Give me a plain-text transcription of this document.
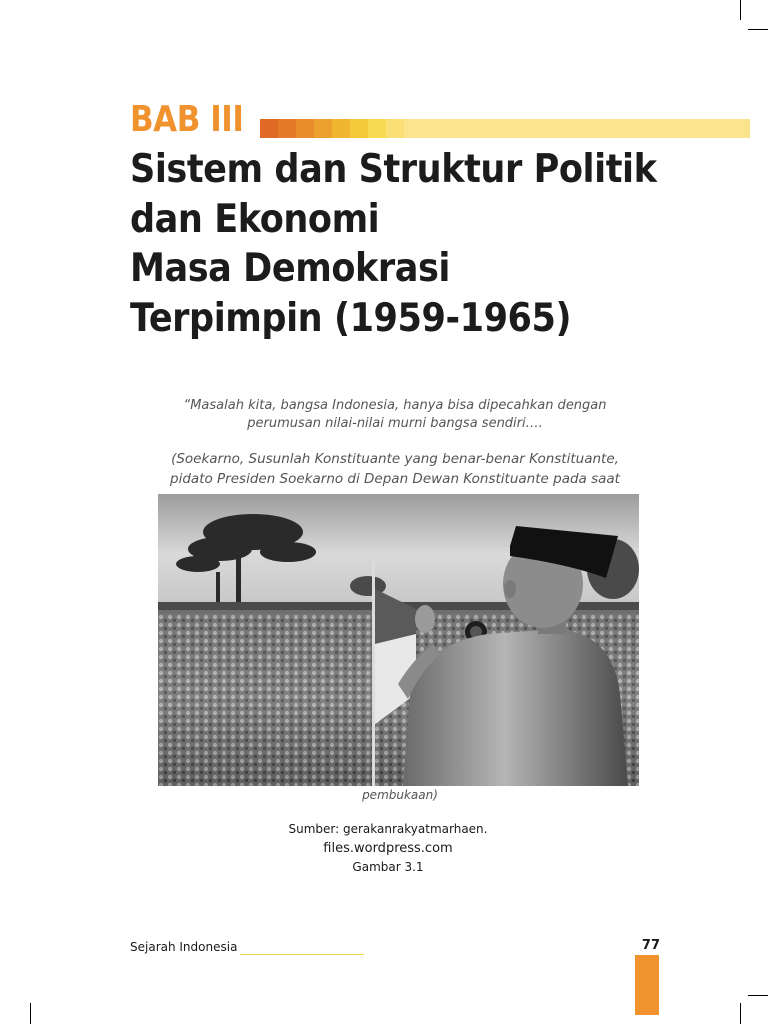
BAB III
Sistem dan Struktur Politik
dan Ekonomi
Masa Demokrasi
Terpimpin (1959-1965)
“Masalah kita, bangsa Indonesia, hanya bisa dipecahkan dengan
perumusan nilai-nilai murni bangsa sendiri….
(Soekarno, Susunlah Konstituante yang benar-benar Konstituante,
pidato Presiden Soekarno di Depan Dewan Konstituante pada saat
pembukaan)
Sumber: gerakanrakyatmarhaen.
files.wordpress.com
Gambar 3.1
Sejarah Indonesia	77
